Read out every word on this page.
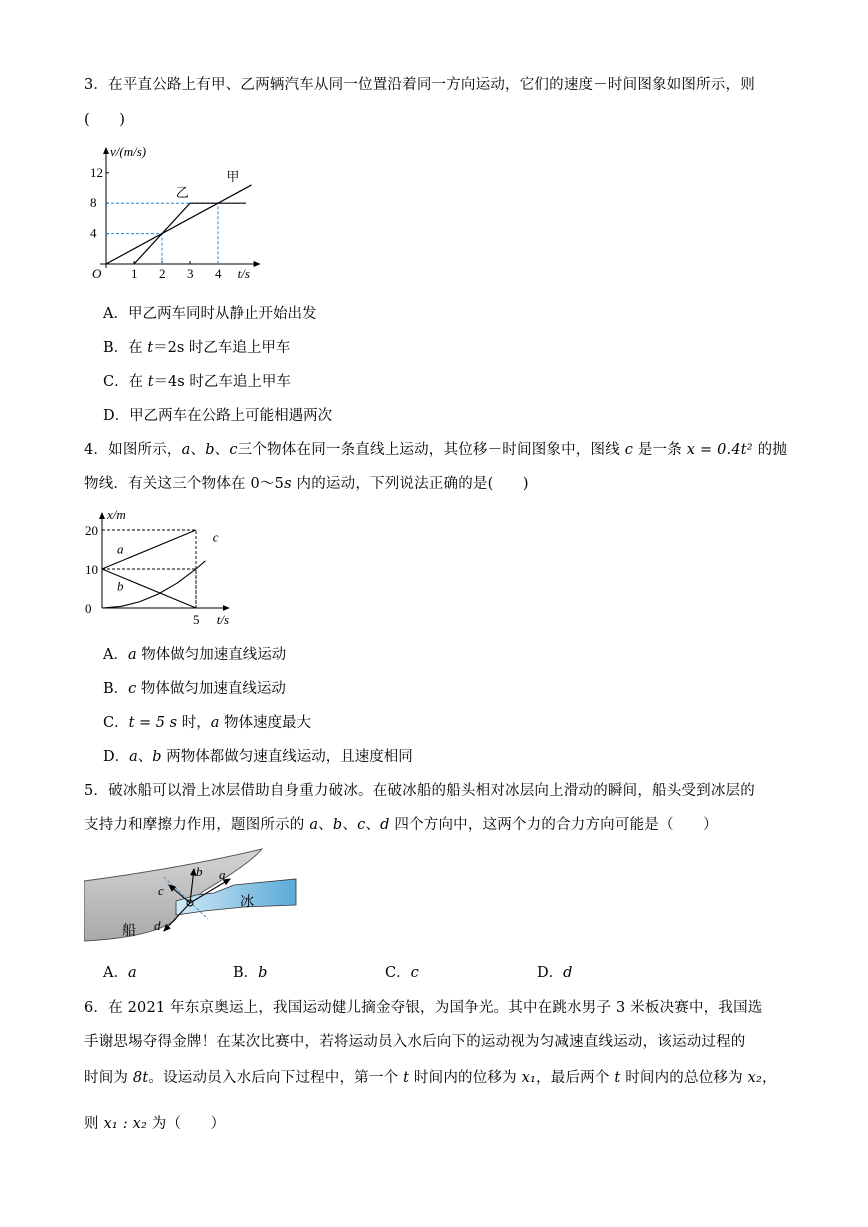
3．在平直公路上有甲、乙两辆汽车从同一位置沿着同一方向运动，它们的速度－时间图象如图所示，则
(　　)
v/(m/s)
t/s
O 1 2 3 4
4
8
12	甲
乙
A．甲乙两车同时从静止开始出发
B．在 t＝2s 时乙车追上甲车
C．在 t＝4s 时乙车追上甲车
D．甲乙两车在公路上可能相遇两次
4．如图所示，a、b、c三个物体在同一条直线上运动，其位移－时间图象中，图线 c 是一条 x = 0.4t² 的抛
物线．有关这三个物体在 0～5s 内的运动，下列说法正确的是(　　)
x/m
t/s
5
0
10
20
a
b
c
A．a 物体做匀加速直线运动
B．c 物体做匀加速直线运动
C．t = 5 s 时，a 物体速度最大
D．a、b 两物体都做匀速直线运动，且速度相同
5．破冰船可以滑上冰层借助自身重力破冰。在破冰船的船头相对冰层向上滑动的瞬间，船头受到冰层的
支持力和摩擦力作用，题图所示的 a、b、c、d 四个方向中，这两个力的合力方向可能是（　　）
船
冰
a
b
c
d
A．a	B．b	C．c	D．d
6．在 2021 年东京奥运上，我国运动健儿摘金夺银，为国争光。其中在跳水男子 3 米板决赛中，我国选
手谢思埸夺得金牌！在某次比赛中，若将运动员入水后向下的运动视为匀减速直线运动，该运动过程的
时间为 8t。设运动员入水后向下过程中，第一个 t 时间内的位移为 x₁，最后两个 t 时间内的总位移为 x₂，
则 x₁ : x₂ 为（　　）
